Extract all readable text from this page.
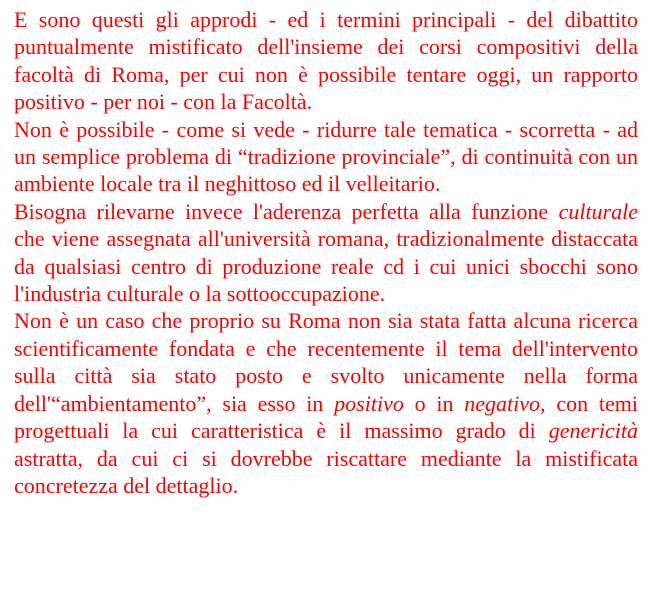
E sono questi gli approdi - ed i termini principali - del dibattito puntualmente mistificato dell'insieme dei corsi compositivi della facoltà di Roma, per cui non è possibile tentare oggi, un rapporto positivo - per noi - con la Facoltà.

Non è possibile - come si vede - ridurre tale tematica - scorretta - ad un semplice problema di “tradizione provinciale”, di continuità con un ambiente locale tra il neghittoso ed il velleitario.

Bisogna rilevarne invece l'aderenza perfetta alla funzione culturale che viene assegnata all'università romana, tradizionalmente distaccata da qualsiasi centro di produzione reale cd i cui unici sbocchi sono l'industria culturale o la sottooccupazione.

Non è un caso che proprio su Roma non sia stata fatta alcuna ricerca scientificamente fondata e che recentemente il tema dell'intervento sulla città sia stato posto e svolto unicamente nella forma dell'“ambientamento”, sia esso in positivo o in negativo, con temi progettuali la cui caratteristica è il massimo grado di genericità astratta, da cui ci si dovrebbe riscattare mediante la mistificata concretezza del dettaglio.
